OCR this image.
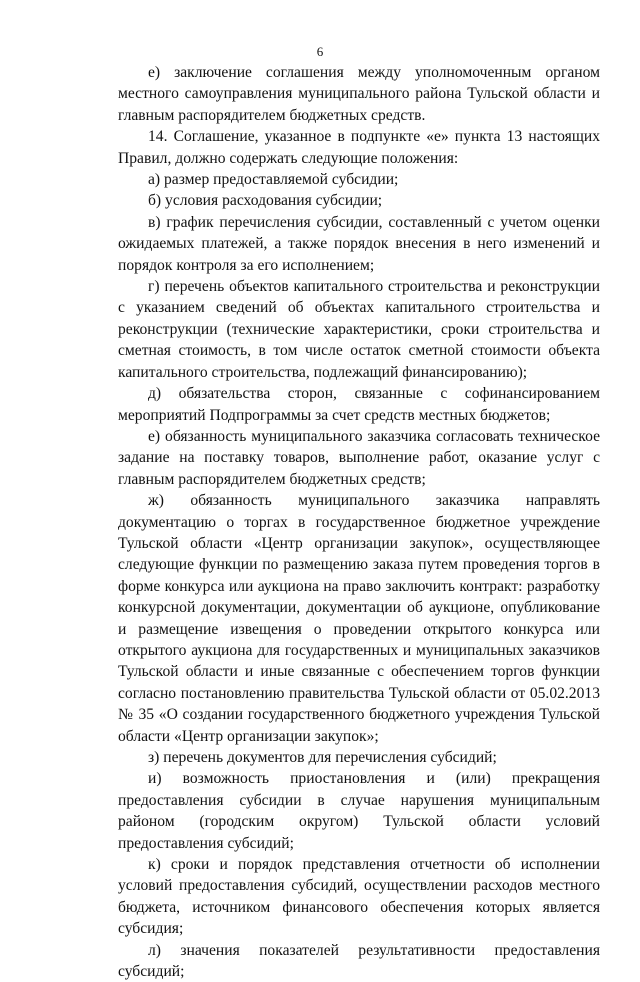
6

е) заключение соглашения между уполномоченным органом местного самоуправления муниципального района Тульской области и главным распорядителем бюджетных средств.

14. Соглашение, указанное в подпункте «е» пункта 13 настоящих Правил, должно содержать следующие положения:

а) размер предоставляемой субсидии;

б) условия расходования субсидии;

в) график перечисления субсидии, составленный с учетом оценки ожидаемых платежей, а также порядок внесения в него изменений и порядок контроля за его исполнением;

г) перечень объектов капитального строительства и реконструкции с указанием сведений об объектах капитального строительства и реконструкции (технические характеристики, сроки строительства и сметная стоимость, в том числе остаток сметной стоимости объекта капитального строительства, подлежащий финансированию);

д) обязательства сторон, связанные с софинансированием мероприятий Подпрограммы за счет средств местных бюджетов;

е) обязанность муниципального заказчика согласовать техническое задание на поставку товаров, выполнение работ, оказание услуг с главным распорядителем бюджетных средств;

ж) обязанность муниципального заказчика направлять документацию о торгах в государственное бюджетное учреждение Тульской области «Центр организации закупок», осуществляющее следующие функции по размещению заказа путем проведения торгов в форме конкурса или аукциона на право заключить контракт: разработку конкурсной документации, документации об аукционе, опубликование и размещение извещения о проведении открытого конкурса или открытого аукциона для государственных и муниципальных заказчиков Тульской области и иные связанные с обеспечением торгов функции согласно постановлению правительства Тульской области от 05.02.2013 № 35 «О создании государственного бюджетного учреждения Тульской области «Центр организации закупок»;

з) перечень документов для перечисления субсидий;

и) возможность приостановления и (или) прекращения предоставления субсидии в случае нарушения муниципальным районом (городским округом) Тульской области условий предоставления субсидий;

к) сроки и порядок представления отчетности об исполнении условий предоставления субсидий, осуществлении расходов местного бюджета, источником финансового обеспечения которых является субсидия;

л) значения показателей результативности предоставления субсидий;
